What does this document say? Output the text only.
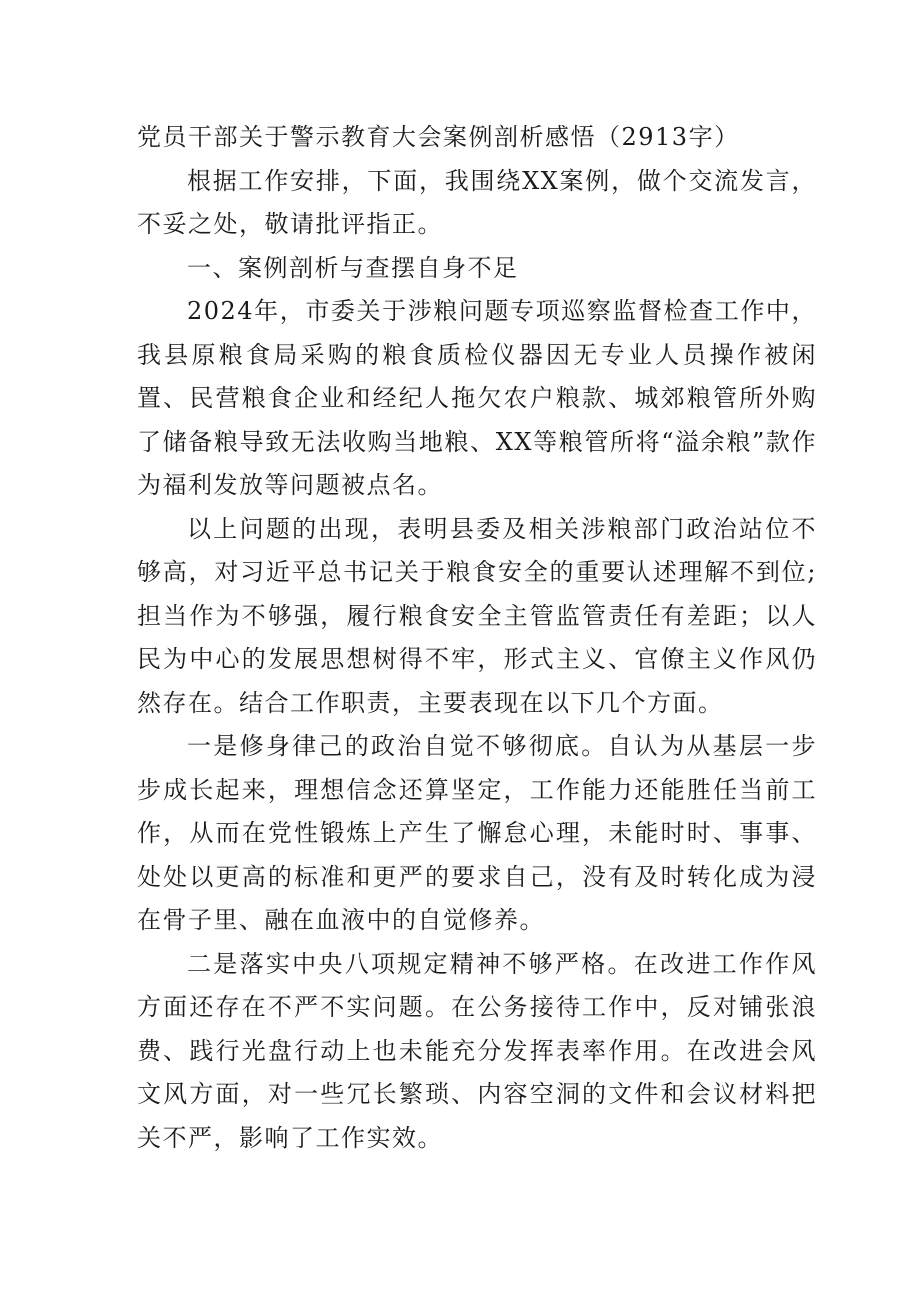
党员干部关于警示教育大会案例剖析感悟（2913字）

根据工作安排，下面，我围绕XX案例，做个交流发言，不妥之处，敬请批评指正。

一、案例剖析与查摆自身不足

2024年，市委关于涉粮问题专项巡察监督检查工作中，我县原粮食局采购的粮食质检仪器因无专业人员操作被闲置、民营粮食企业和经纪人拖欠农户粮款、城郊粮管所外购了储备粮导致无法收购当地粮、XX等粮管所将“溢余粮”款作为福利发放等问题被点名。

以上问题的出现，表明县委及相关涉粮部门政治站位不够高，对习近平总书记关于粮食安全的重要认述理解不到位;担当作为不够强，履行粮食安全主管监管责任有差距；以人民为中心的发展思想树得不牢，形式主义、官僚主义作风仍然存在。结合工作职责，主要表现在以下几个方面。

一是修身律己的政治自觉不够彻底。自认为从基层一步步成长起来，理想信念还算坚定，工作能力还能胜任当前工作，从而在党性锻炼上产生了懈怠心理，未能时时、事事、处处以更高的标准和更严的要求自己，没有及时转化成为浸在骨子里、融在血液中的自觉修养。

二是落实中央八项规定精神不够严格。在改进工作作风方面还存在不严不实问题。在公务接待工作中，反对铺张浪费、践行光盘行动上也未能充分发挥表率作用。在改进会风文风方面，对一些冗长繁琐、内容空洞的文件和会议材料把关不严，影响了工作实效。
